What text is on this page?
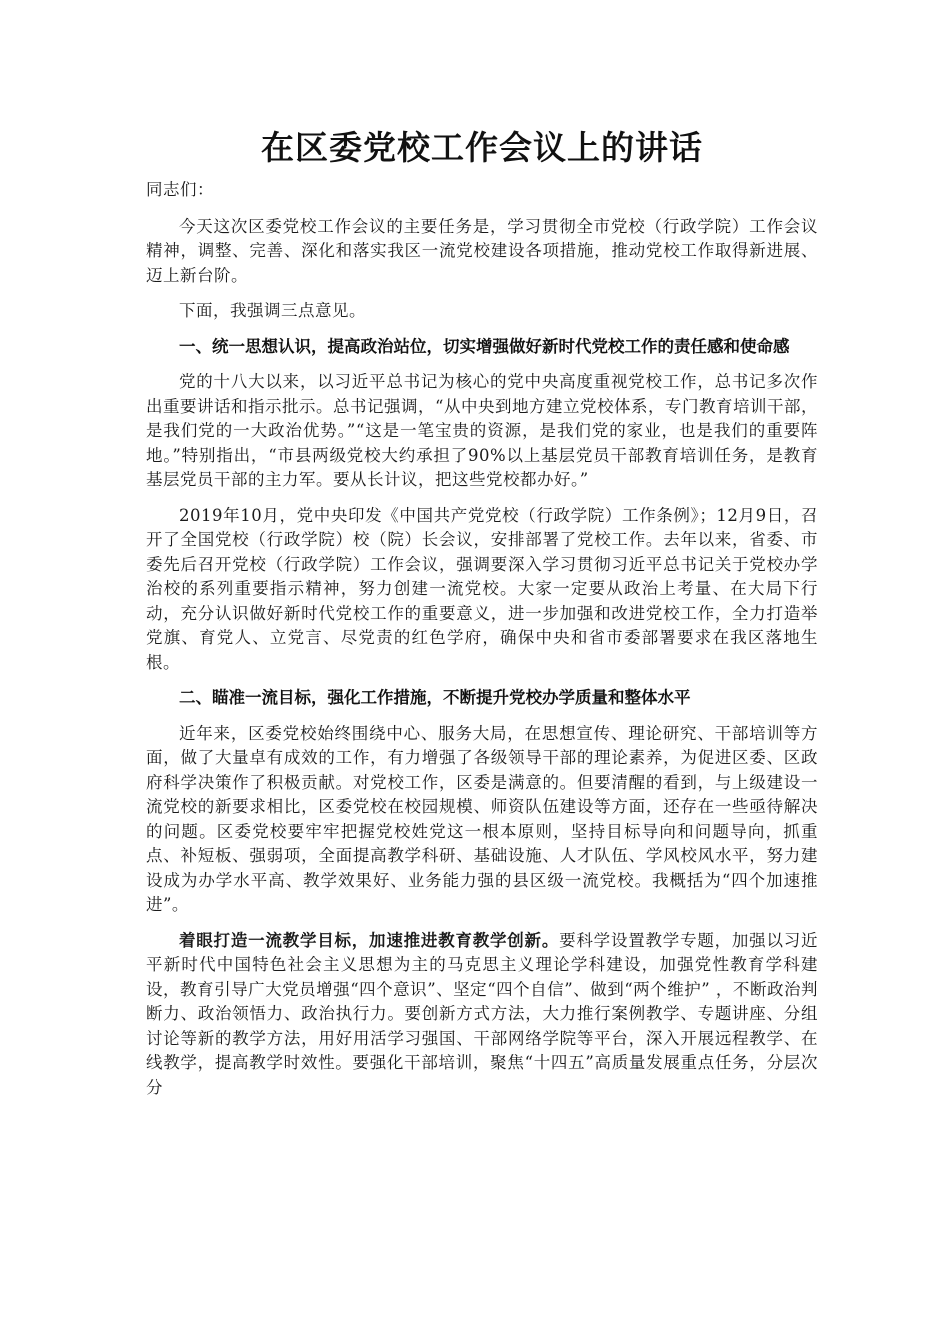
在区委党校工作会议上的讲话

同志们：

今天这次区委党校工作会议的主要任务是，学习贯彻全市党校（行政学院）工作会议精神，调整、完善、深化和落实我区一流党校建设各项措施，推动党校工作取得新进展、迈上新台阶。

下面，我强调三点意见。

一、统一思想认识，提高政治站位，切实增强做好新时代党校工作的责任感和使命感

党的十八大以来，以习近平总书记为核心的党中央高度重视党校工作，总书记多次作出重要讲话和指示批示。总书记强调，“从中央到地方建立党校体系，专门教育培训干部，是我们党的一大政治优势。”“这是一笔宝贵的资源，是我们党的家业，也是我们的重要阵地。”特别指出，“市县两级党校大约承担了90%以上基层党员干部教育培训任务，是教育基层党员干部的主力军。要从长计议，把这些党校都办好。”

2019年10月，党中央印发《中国共产党党校（行政学院）工作条例》；12月9日，召开了全国党校（行政学院）校（院）长会议，安排部署了党校工作。去年以来，省委、市委先后召开党校（行政学院）工作会议，强调要深入学习贯彻习近平总书记关于党校办学治校的系列重要指示精神，努力创建一流党校。大家一定要从政治上考量、在大局下行动，充分认识做好新时代党校工作的重要意义，进一步加强和改进党校工作，全力打造举党旗、育党人、立党言、尽党责的红色学府，确保中央和省市委部署要求在我区落地生根。

二、瞄准一流目标，强化工作措施，不断提升党校办学质量和整体水平

近年来，区委党校始终围绕中心、服务大局，在思想宣传、理论研究、干部培训等方面，做了大量卓有成效的工作，有力增强了各级领导干部的理论素养，为促进区委、区政府科学决策作了积极贡献。对党校工作，区委是满意的。但要清醒的看到，与上级建设一流党校的新要求相比，区委党校在校园规模、师资队伍建设等方面，还存在一些亟待解决的问题。区委党校要牢牢把握党校姓党这一根本原则，坚持目标导向和问题导向，抓重点、补短板、强弱项，全面提高教学科研、基础设施、人才队伍、学风校风水平，努力建设成为办学水平高、教学效果好、业务能力强的县区级一流党校。我概括为“四个加速推进”。

着眼打造一流教学目标，加速推进教育教学创新。要科学设置教学专题，加强以习近平新时代中国特色社会主义思想为主的马克思主义理论学科建设，加强党性教育学科建设，教育引导广大党员增强“四个意识”、坚定“四个自信”、做到“两个维护” ，不断政治判断力、政治领悟力、政治执行力。要创新方式方法，大力推行案例教学、专题讲座、分组讨论等新的教学方法，用好用活学习强国、干部网络学院等平台，深入开展远程教学、在线教学，提高教学时效性。要强化干部培训，聚焦“十四五”高质量发展重点任务，分层次分
